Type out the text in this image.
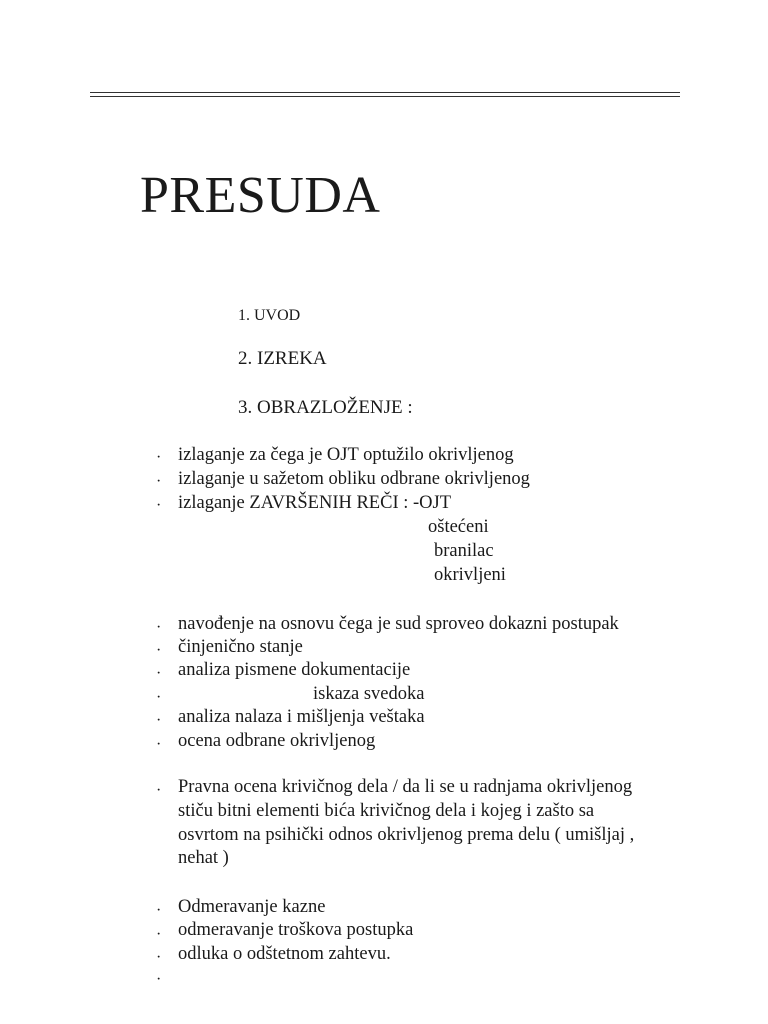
PRESUDA

1. UVOD

2. IZREKA

3. OBRAZLOŽENJE :

· izlaganje za čega je OJT optužilo okrivljenog

· izlaganje u sažetom obliku odbrane okrivljenog

· izlaganje ZAVRŠENIH REČI : -OJT

oštećeni

branilac

okrivljeni

· navođenje na osnovu čega je sud sproveo dokazni postupak

· činjenično stanje

· analiza pismene dokumentacije

·	iskaza svedoka

· analiza nalaza i mišljenja veštaka

· ocena odbrane okrivljenog

· Pravna ocena krivičnog dela / da li se u radnjama okrivljenog

stiču bitni elementi bića krivičnog dela i kojeg i zašto sa

osvrtom na psihički odnos okrivljenog prema delu ( umišljaj ,

nehat )

· Odmeravanje kazne

· odmeravanje troškova postupka

· odluka o odštetnom zahtevu.

·
